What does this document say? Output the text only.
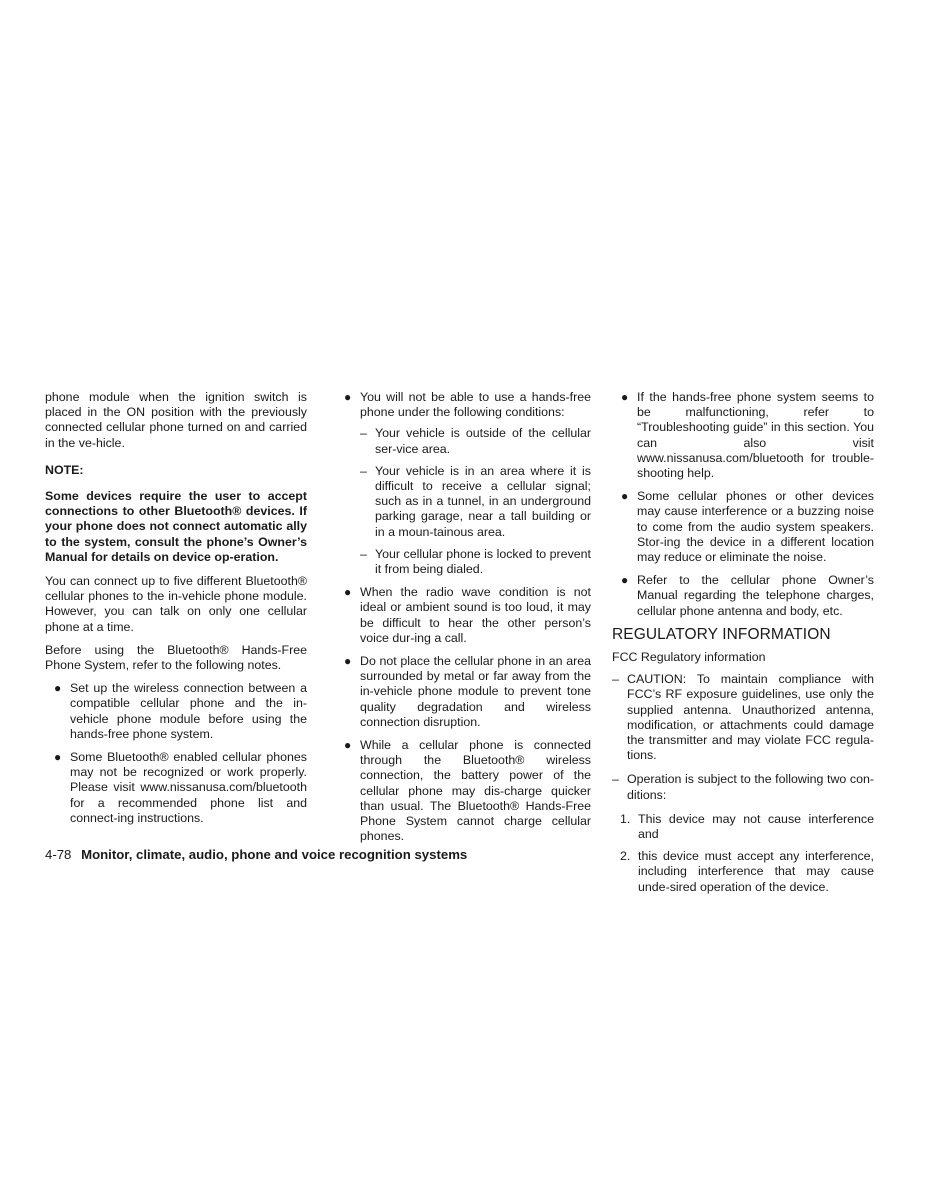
phone module when the ignition switch is placed in the ON position with the previously connected cellular phone turned on and carried in the ve-hicle.

NOTE:

Some devices require the user to accept connections to other Bluetooth® devices. If your phone does not connect automatic ally to the system, consult the phone’s Owner’s Manual for details on device op-eration.

You can connect up to five different Bluetooth® cellular phones to the in-vehicle phone module. However, you can talk on only one cellular phone at a time.

Before using the Bluetooth® Hands-Free Phone System, refer to the following notes.

● Set up the wireless connection between a compatible cellular phone and the in-vehicle phone module before using the hands-free phone system.
● Some Bluetooth® enabled cellular phones may not be recognized or work properly. Please visit www.nissanusa.com/bluetooth for a recommended phone list and connect-ing instructions.
● You will not be able to use a hands-free phone under the following conditions:
– Your vehicle is outside of the cellular ser-vice area.
– Your vehicle is in an area where it is difficult to receive a cellular signal; such as in a tunnel, in an underground parking garage, near a tall building or in a moun-tainous area.
– Your cellular phone is locked to prevent it from being dialed.
● When the radio wave condition is not ideal or ambient sound is too loud, it may be difficult to hear the other person’s voice dur-ing a call.
● Do not place the cellular phone in an area surrounded by metal or far away from the in-vehicle phone module to prevent tone quality degradation and wireless connection disruption.
● While a cellular phone is connected through the Bluetooth® wireless connection, the battery power of the cellular phone may dis-charge quicker than usual. The Bluetooth® Hands-Free Phone System cannot charge cellular phones.
● If the hands-free phone system seems to be malfunctioning, refer to “Troubleshooting guide” in this section. You can also visit www.nissanusa.com/bluetooth for trouble-shooting help.
● Some cellular phones or other devices may cause interference or a buzzing noise to come from the audio system speakers. Stor-ing the device in a different location may reduce or eliminate the noise.
● Refer to the cellular phone Owner’s Manual regarding the telephone charges, cellular phone antenna and body, etc.
REGULATORY INFORMATION

FCC Regulatory information

– CAUTION: To maintain compliance with FCC’s RF exposure guidelines, use only the supplied antenna. Unauthorized antenna, modification, or attachments could damage the transmitter and may violate FCC regula-tions.
– Operation is subject to the following two con-ditions:
1. This device may not cause interference and
2. this device must accept any interference, including interference that may cause unde-sired operation of the device.
4-78 Monitor, climate, audio, phone and voice recognition systems
